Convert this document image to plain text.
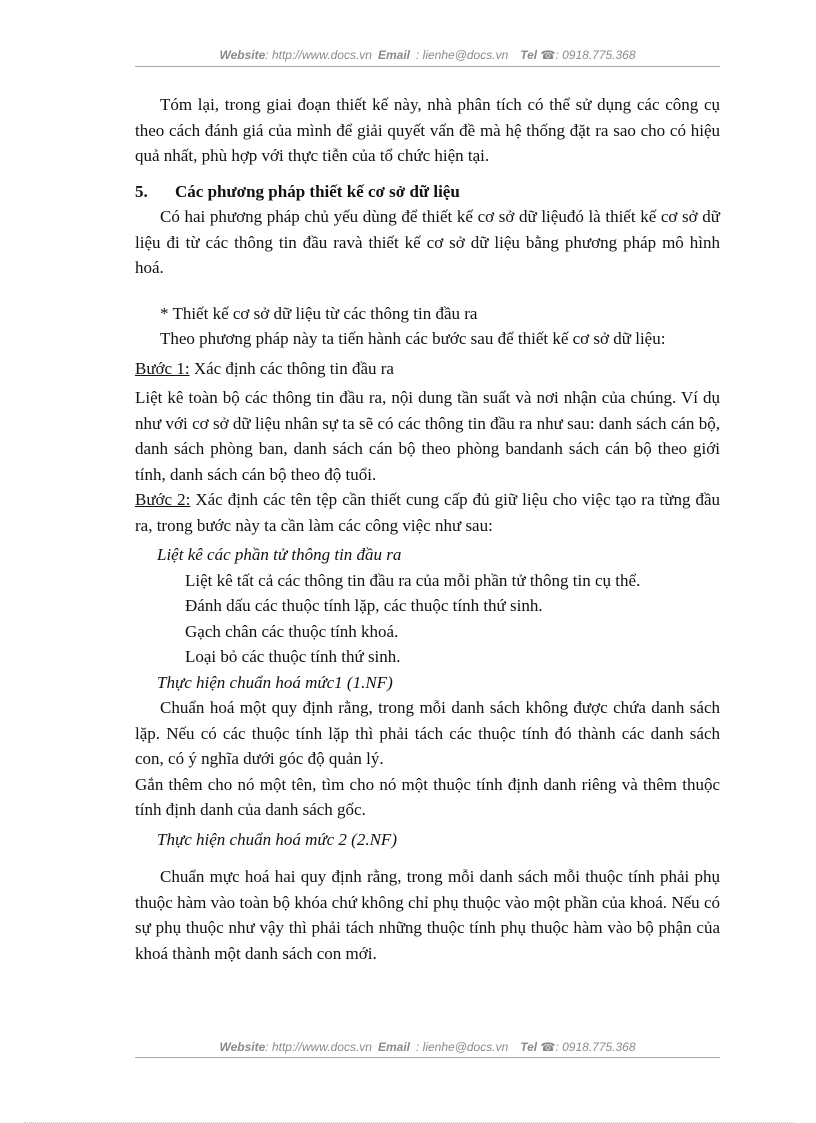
Website: http://www.docs.vn Email : lienhe@docs.vn Tel ☎: 0918.775.368

Tóm lại, trong giai đoạn thiết kế này, nhà phân tích có thể sử dụng các công cụ theo cách đánh giá của mình để giải quyết vấn đề mà hệ thống đặt ra sao cho có hiệu quả nhất, phù hợp với thực tiễn của tổ chức hiện tại.

5.	Các phương pháp thiết kế cơ sở dữ liệu

Có hai phương pháp chủ yếu dùng để thiết kế cơ sở dữ liệuđó là thiết kế cơ sở dữ liệu đi từ các thông tin đầu ravà thiết kế cơ sở dữ liệu bằng phương pháp mô hình hoá.

* Thiết kế cơ sở dữ liệu từ các thông tin đầu ra

Theo phương pháp này ta tiến hành các bước sau để thiết kế cơ sở dữ liệu:

Bước 1: Xác định các thông tin đầu ra

Liệt kê toàn bộ các thông tin đầu ra, nội dung tần suất và nơi nhận của chúng. Ví dụ như với cơ sở dữ liệu nhân sự ta sẽ có các thông tin đầu ra như sau: danh sách cán bộ, danh sách phòng ban, danh sách cán bộ theo phòng bandanh sách cán bộ theo giới tính, danh sách cán bộ theo độ tuổi.

Bước 2: Xác định các tên tệp cần thiết cung cấp đủ giữ liệu cho việc tạo ra từng đầu ra, trong bước này ta cần làm các công việc như sau:

Liệt kê các phần tử thông tin đầu ra

Liệt kê tất cả các thông tin đầu ra của mỗi phần tử thông tin cụ thể.

Đánh dấu các thuộc tính lặp, các thuộc tính thứ sinh.

Gạch chân các thuộc tính khoá.

Loại bỏ các thuộc tính thứ sinh.

Thực hiện chuẩn hoá mức1 (1.NF)

Chuẩn hoá một quy định rằng, trong mỗi danh sách không được chứa danh sách lặp. Nếu có các thuộc tính lặp thì phải tách các thuộc tính đó thành các danh sách con, có ý nghĩa dưới góc độ quản lý.

Gắn thêm cho nó một tên, tìm cho nó một thuộc tính định danh riêng và thêm thuộc tính định danh của danh sách gốc.

Thực hiện chuẩn hoá mức 2 (2.NF)

Chuẩn mực hoá hai quy định rằng, trong mỗi danh sách mỗi thuộc tính phải phụ thuộc hàm vào toàn bộ khóa chứ không chỉ phụ thuộc vào một phần của khoá. Nếu có sự phụ thuộc như vậy thì phải tách những thuộc tính phụ thuộc hàm vào bộ phận của khoá thành một danh sách con mới.

Website: http://www.docs.vn Email : lienhe@docs.vn Tel ☎: 0918.775.368
